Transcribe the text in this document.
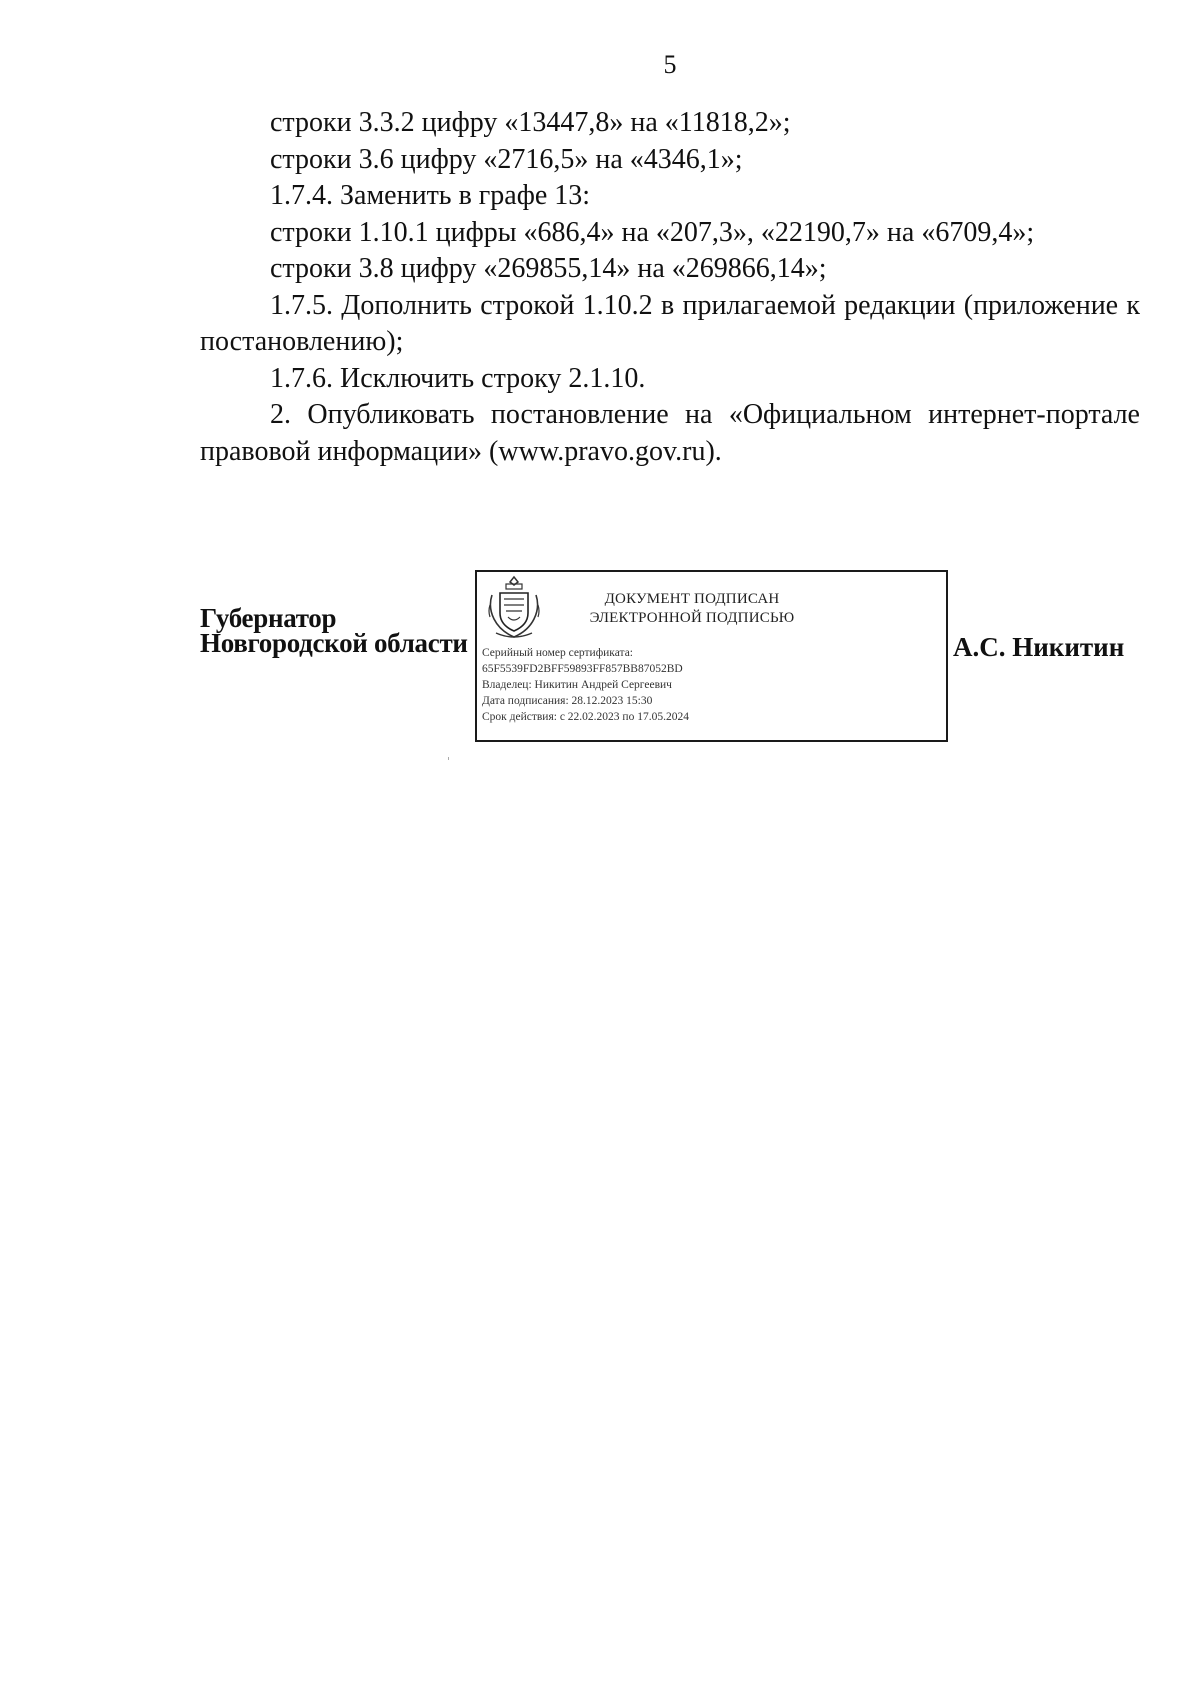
5

строки 3.3.2 цифру «13447,8» на «11818,2»;

строки 3.6 цифру «2716,5» на «4346,1»;

1.7.4. Заменить в графе 13:

строки 1.10.1 цифры «686,4» на «207,3», «22190,7» на «6709,4»;

строки 3.8 цифру «269855,14» на «269866,14»;

1.7.5. Дополнить строкой 1.10.2 в прилагаемой редакции (приложение к постановлению);

1.7.6. Исключить строку 2.1.10.

2. Опубликовать постановление на «Официальном интернет-портале правовой информации» (www.pravo.gov.ru).

Губернатор
Новгородской области
ДОКУМЕНТ ПОДПИСАН
ЭЛЕКТРОННОЙ ПОДПИСЬЮ
Серийный номер сертификата:
65F5539FD2BFF59893FF857BB87052BD
Владелец: Никитин Андрей Сергеевич
Дата подписания: 28.12.2023 15:30
Срок действия: с 22.02.2023 по 17.05.2024
А.С. Никитин
